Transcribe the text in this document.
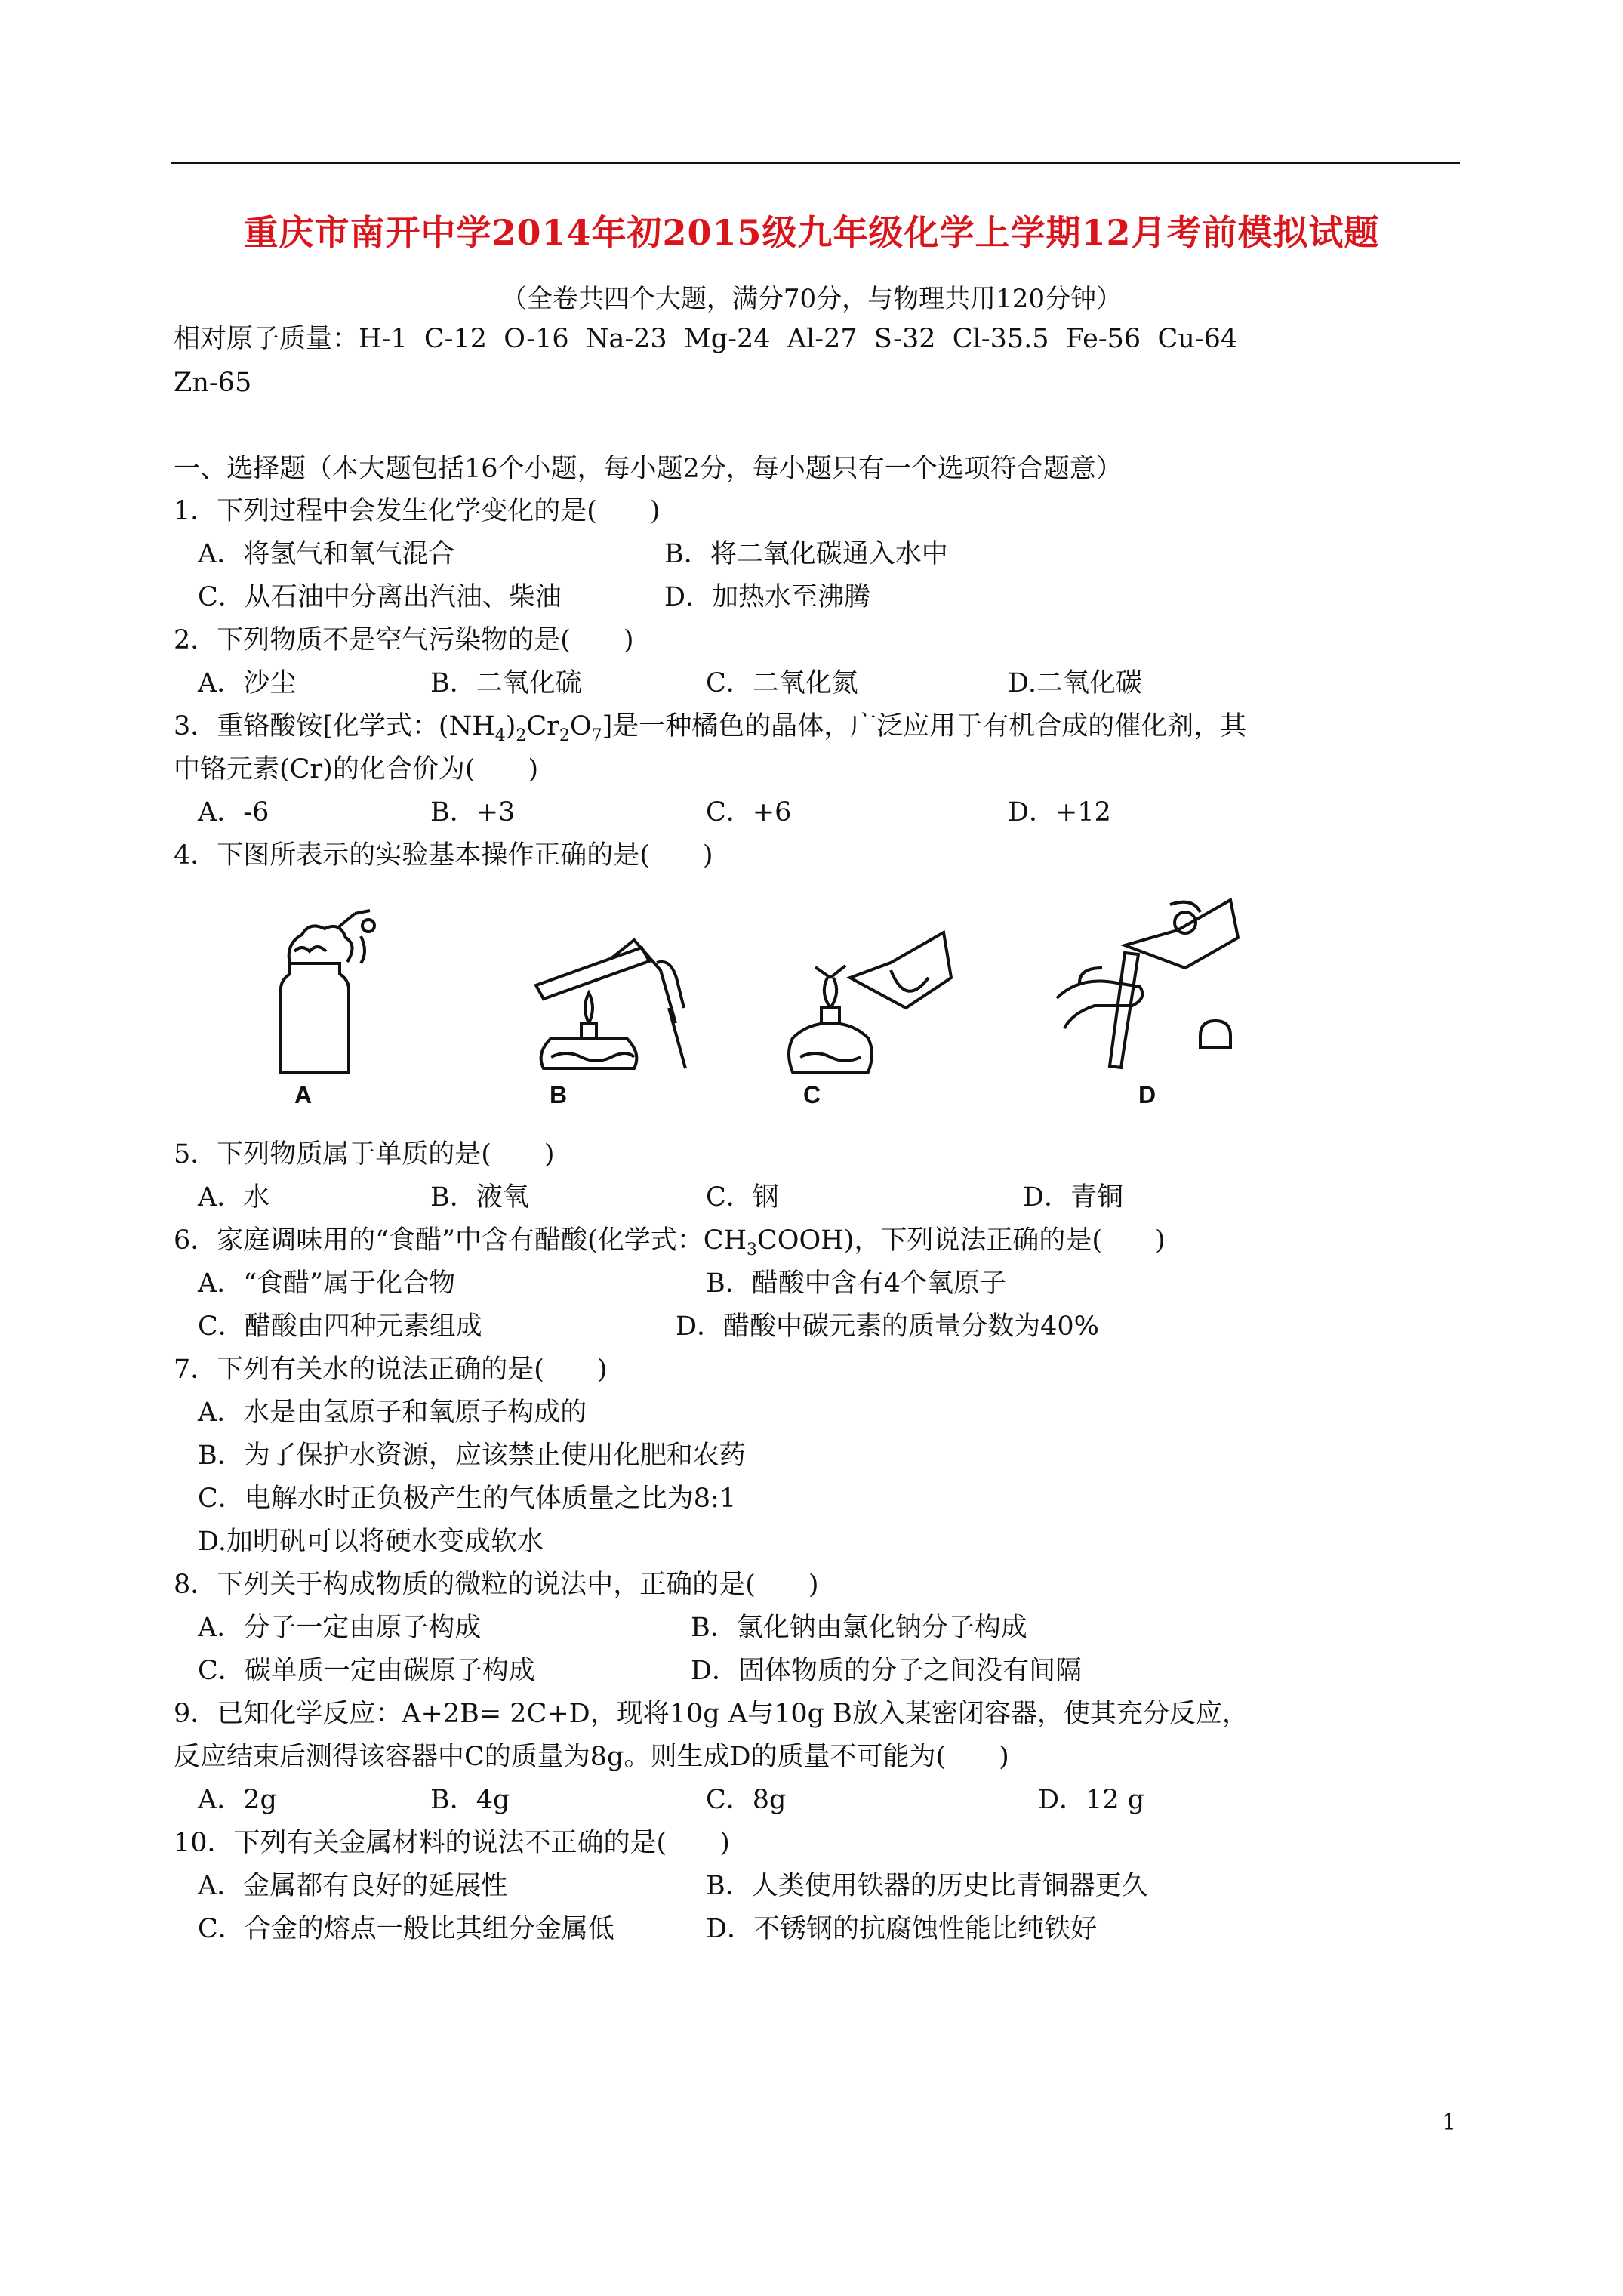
重庆市南开中学2014年初2015级九年级化学上学期12月考前模拟试题
（全卷共四个大题，满分70分，与物理共用120分钟）
相对原子质量：H-1  C-12  O-16  Na-23  Mg-24  Al-27  S-32  Cl-35.5  Fe-56  Cu-64
Zn-65
一、选择题（本大题包括16个小题，每小题2分，每小题只有一个选项符合题意）
1．下列过程中会发生化学变化的是(　　)
A．将氢气和氧气混合	B．将二氧化碳通入水中
C．从石油中分离出汽油、柴油	D．加热水至沸腾
2．下列物质不是空气污染物的是(　　)
A．沙尘	B．二氧化硫	C．二氧化氮	D.二氧化碳
3．重铬酸铵[化学式：$(NH_4)_2Cr_2O_7$]是一种橘色的晶体，广泛应用于有机合成的催化剂，其
中铬元素(Cr)的化合价为(　　)
A．-6	B．+3	C．+6	D．+12
4．下图所表示的实验基本操作正确的是(　　)
A	B	C	D
5．下列物质属于单质的是(　　)
A．水	B．液氧	C．钢	D．青铜
6．家庭调味用的“食醋”中含有醋酸(化学式：$CH_3COOH$)，下列说法正确的是(　　)
A．“食醋”属于化合物	B．醋酸中含有4个氧原子
C．醋酸由四种元素组成	D．醋酸中碳元素的质量分数为40%
7．下列有关水的说法正确的是(　　)
A．水是由氢原子和氧原子构成的
B．为了保护水资源，应该禁止使用化肥和农药
C．电解水时正负极产生的气体质量之比为8:1
D.加明矾可以将硬水变成软水
8．下列关于构成物质的微粒的说法中，正确的是(　　)
A．分子一定由原子构成	B．氯化钠由氯化钠分子构成
C．碳单质一定由碳原子构成	D．固体物质的分子之间没有间隔
9．已知化学反应：A+2B= 2C+D，现将10g A与10g B放入某密闭容器，使其充分反应，
反应结束后测得该容器中C的质量为8g。则生成D的质量不可能为(　　)
A．2g	B．4g	C．8g	D．12 g
10．下列有关金属材料的说法不正确的是(　　)
A．金属都有良好的延展性	B．人类使用铁器的历史比青铜器更久
C．合金的熔点一般比其组分金属低	D．不锈钢的抗腐蚀性能比纯铁好
1
